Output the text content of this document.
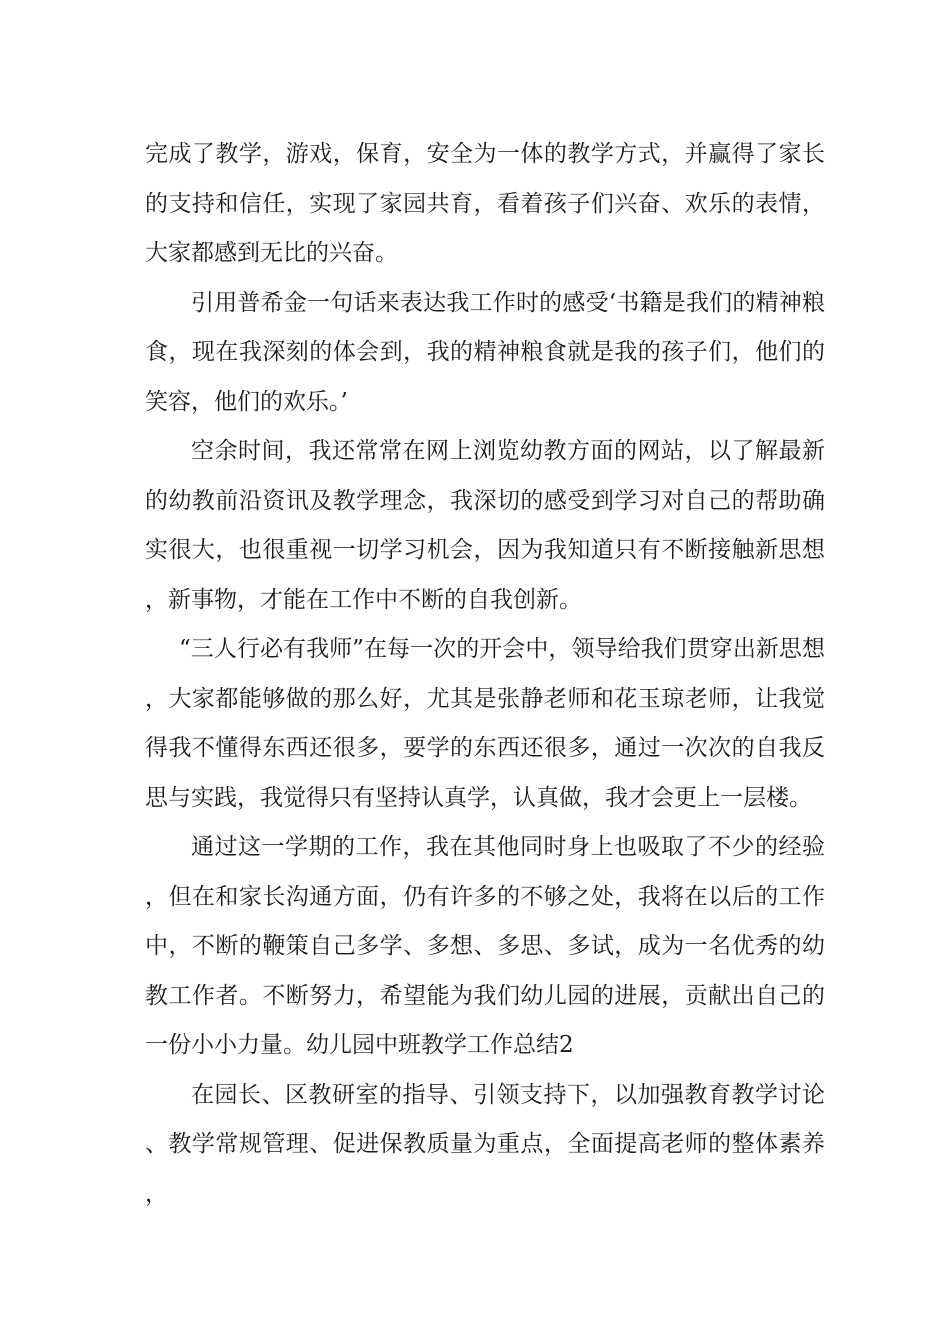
完成了教学，游戏，保育，安全为一体的教学方式，并赢得了家长的支持和信任，实现了家园共育，看着孩子们兴奋、欢乐的表情，大家都感到无比的兴奋。

引用普希金一句话来表达我工作时的感受‘书籍是我们的精神粮食，现在我深刻的体会到，我的精神粮食就是我的孩子们，他们的笑容，他们的欢乐。’

空余时间，我还常常在网上浏览幼教方面的网站，以了解最新的幼教前沿资讯及教学理念，我深切的感受到学习对自己的帮助确实很大，也很重视一切学习机会，因为我知道只有不断接触新思想，新事物，才能在工作中不断的自我创新。

“三人行必有我师”在每一次的开会中，领导给我们贯穿出新思想，大家都能够做的那么好，尤其是张静老师和花玉琼老师，让我觉得我不懂得东西还很多，要学的东西还很多，通过一次次的自我反思与实践，我觉得只有坚持认真学，认真做，我才会更上一层楼。

通过这一学期的工作，我在其他同时身上也吸取了不少的经验，但在和家长沟通方面，仍有许多的不够之处，我将在以后的工作中，不断的鞭策自己多学、多想、多思、多试，成为一名优秀的幼教工作者。不断努力，希望能为我们幼儿园的进展，贡献出自己的一份小小力量。幼儿园中班教学工作总结2

在园长、区教研室的指导、引领支持下，以加强教育教学讨论、教学常规管理、促进保教质量为重点，全面提高老师的整体素养，
